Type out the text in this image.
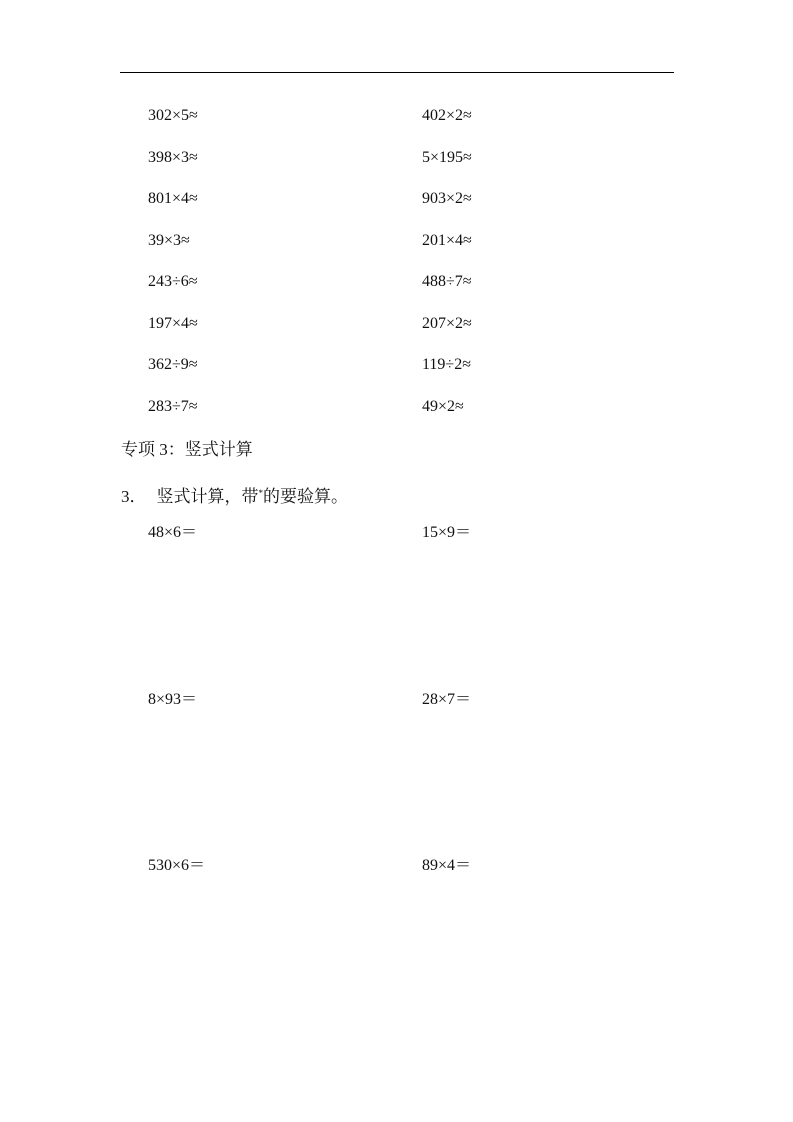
302×5≈	402×2≈
398×3≈	5×195≈
801×4≈	903×2≈
39×3≈	201×4≈
243÷6≈	488÷7≈
197×4≈	207×2≈
362÷9≈	119÷2≈
283÷7≈	49×2≈
专项 3：竖式计算
3． 竖式计算，带*的要验算。
48×6＝	15×9＝
8×93＝	28×7＝
530×6＝	89×4＝
